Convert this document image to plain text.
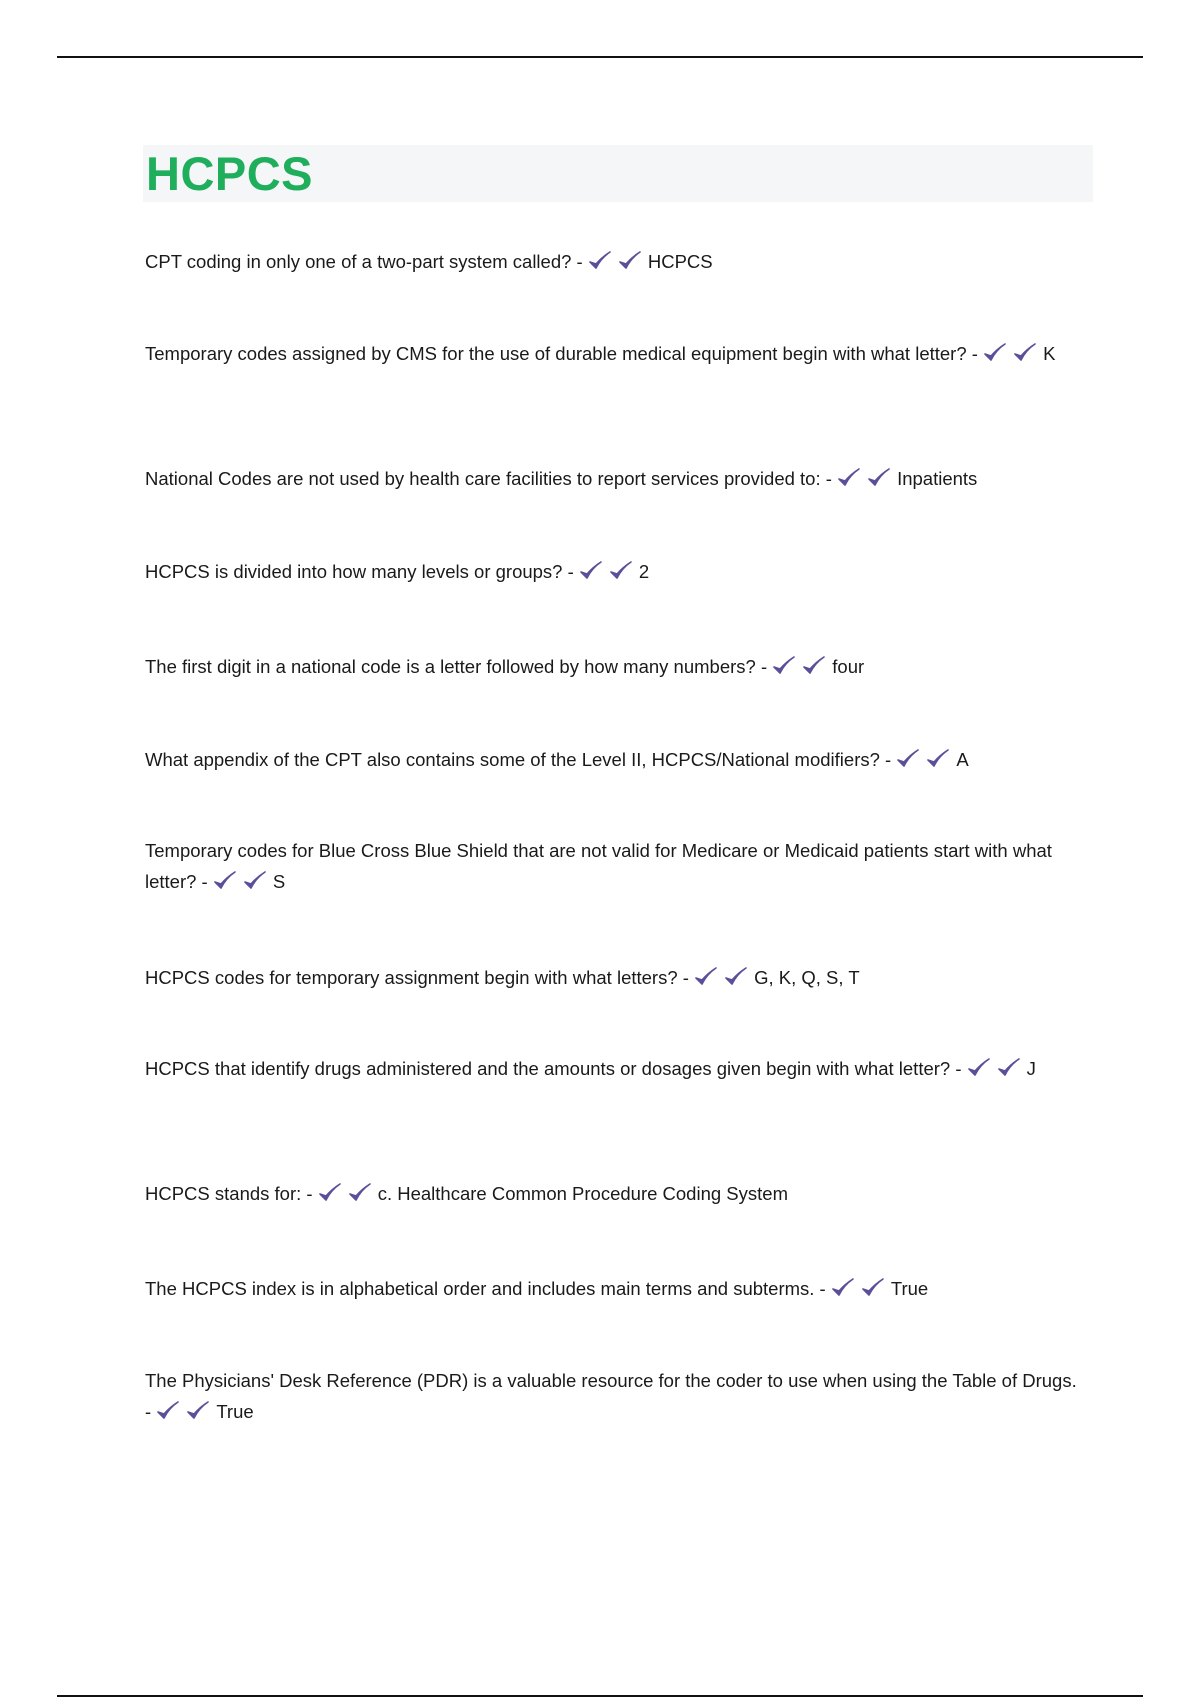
HCPCS
CPT coding in only one of a two-part system called? -	HCPCS
Temporary codes assigned by CMS for the use of durable medical equipment begin with what letter? -	K
National Codes are not used by health care facilities to report services provided to: -	Inpatients
HCPCS is divided into how many levels or groups? -	2
The first digit in a national code is a letter followed by how many numbers? -	four
What appendix of the CPT also contains some of the Level II, HCPCS/National modifiers? -	A
Temporary codes for Blue Cross Blue Shield that are not valid for Medicare or Medicaid patients start with what letter? -	S
HCPCS codes for temporary assignment begin with what letters? -	G, K, Q, S, T
HCPCS that identify drugs administered and the amounts or dosages given begin with what letter? -	J
HCPCS stands for: -	c. Healthcare Common Procedure Coding System
The HCPCS index is in alphabetical order and includes main terms and subterms. -	True
The Physicians' Desk Reference (PDR) is a valuable resource for the coder to use when using the Table of Drugs. -	True
